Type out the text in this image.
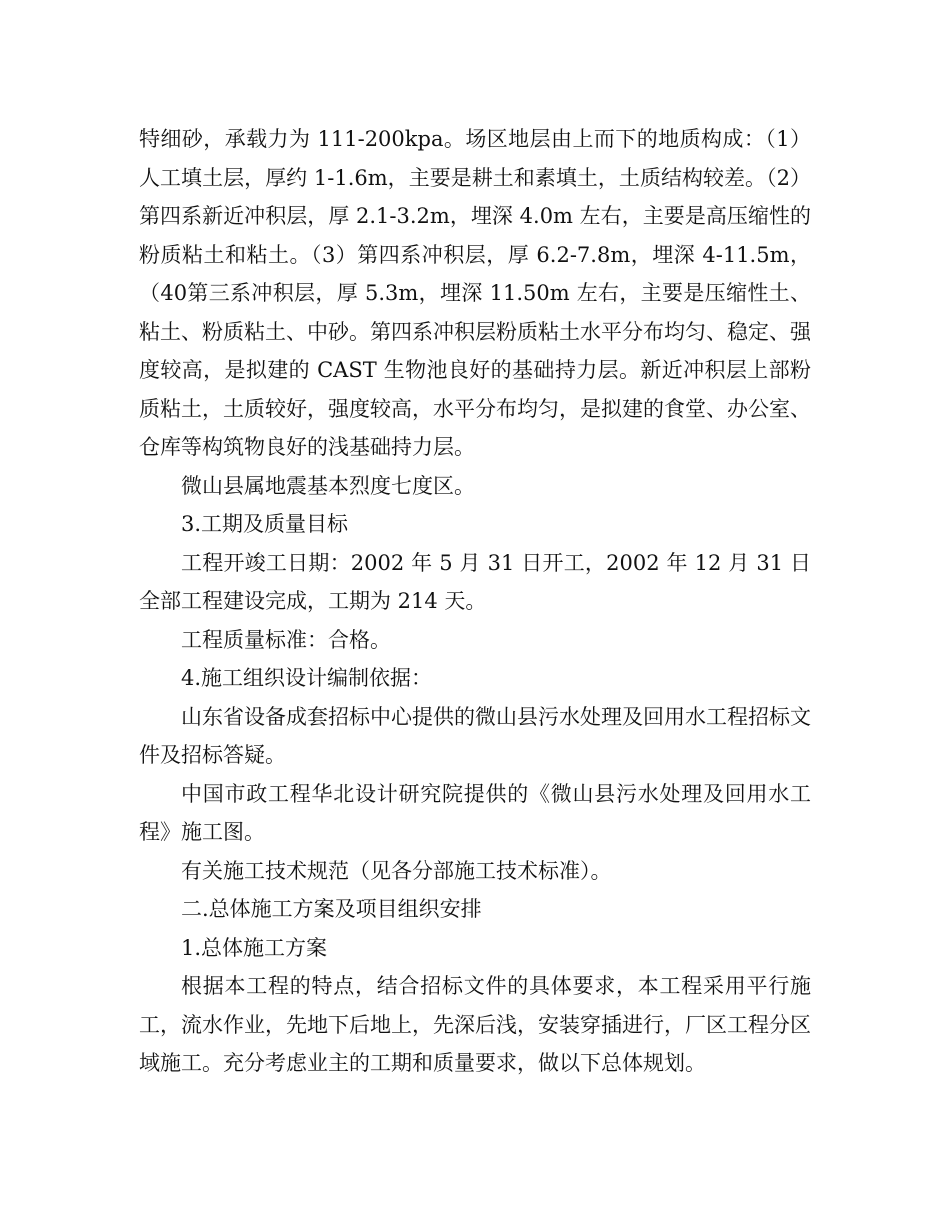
特细砂，承载力为 111-200kpa。场区地层由上而下的地质构成：（1）人工填土层，厚约 1-1.6m，主要是耕土和素填土，土质结构较差。（2）第四系新近冲积层，厚 2.1-3.2m，埋深 4.0m 左右，主要是高压缩性的粉质粘土和粘土。（3）第四系冲积层，厚 6.2-7.8m，埋深 4-11.5m，（40第三系冲积层，厚 5.3m，埋深 11.50m 左右，主要是压缩性土、粘土、粉质粘土、中砂。第四系冲积层粉质粘土水平分布均匀、稳定、强度较高，是拟建的 CAST 生物池良好的基础持力层。新近冲积层上部粉质粘土，土质较好，强度较高，水平分布均匀，是拟建的食堂、办公室、仓库等构筑物良好的浅基础持力层。

微山县属地震基本烈度七度区。

3.工期及质量目标

工程开竣工日期：2002 年 5 月 31 日开工，2002 年 12 月 31 日全部工程建设完成，工期为 214 天。

工程质量标准：合格。

4.施工组织设计编制依据：

山东省设备成套招标中心提供的微山县污水处理及回用水工程招标文件及招标答疑。

中国市政工程华北设计研究院提供的《微山县污水处理及回用水工程》施工图。

有关施工技术规范（见各分部施工技术标准）。

二.总体施工方案及项目组织安排

1.总体施工方案

根据本工程的特点，结合招标文件的具体要求，本工程采用平行施工，流水作业，先地下后地上，先深后浅，安装穿插进行，厂区工程分区域施工。充分考虑业主的工期和质量要求，做以下总体规划。
